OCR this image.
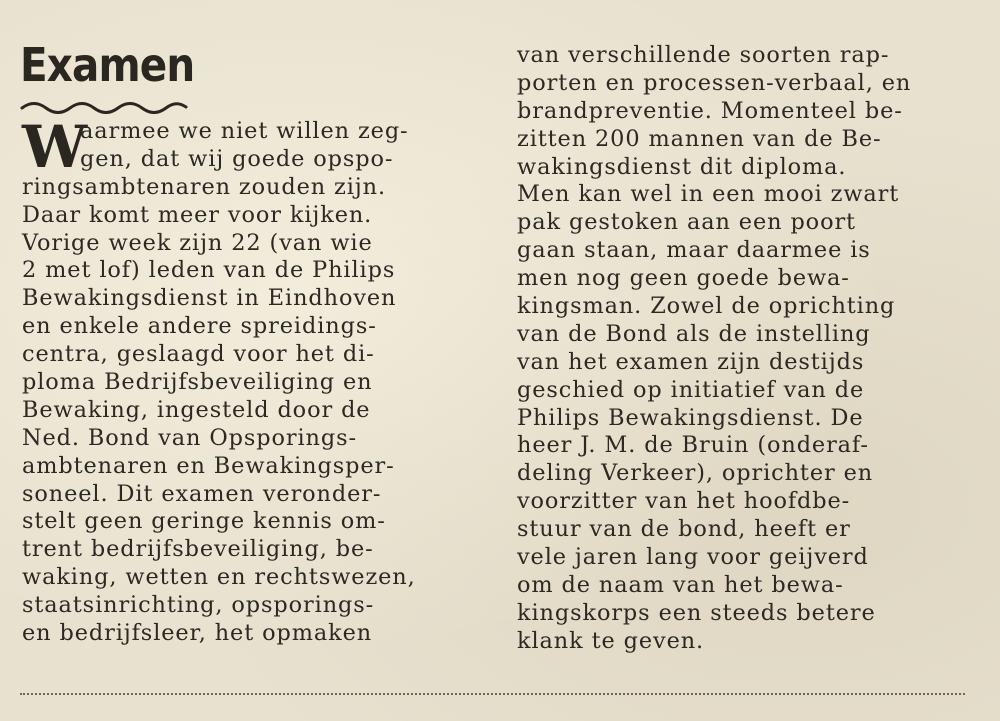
Examen
W
aarmee we niet willen zeg-
gen, dat wij goede opspo-
ringsambtenaren zouden zijn.
Daar komt meer voor kijken.
Vorige week zijn 22 (van wie
2 met lof) leden van de Philips
Bewakingsdienst in Eindhoven
en enkele andere spreidings-
centra, geslaagd voor het di-
ploma Bedrijfsbeveiliging en
Bewaking, ingesteld door de
Ned. Bond van Opsporings-
ambtenaren en Bewakingsper-
soneel. Dit examen veronder-
stelt geen geringe kennis om-
trent bedrijfsbeveiliging, be-
waking, wetten en rechtswezen,
staatsinrichting, opsporings-
en bedrijfsleer, het opmaken
van verschillende soorten rap-
porten en processen-verbaal, en
brandpreventie. Momenteel be-
zitten 200 mannen van de Be-
wakingsdienst dit diploma.
Men kan wel in een mooi zwart
pak gestoken aan een poort
gaan staan, maar daarmee is
men nog geen goede bewa-
kingsman. Zowel de oprichting
van de Bond als de instelling
van het examen zijn destijds
geschied op initiatief van de
Philips Bewakingsdienst. De
heer J. M. de Bruin (onderaf-
deling Verkeer), oprichter en
voorzitter van het hoofdbe-
stuur van de bond, heeft er
vele jaren lang voor geijverd
om de naam van het bewa-
kingskorps een steeds betere
klank te geven.
